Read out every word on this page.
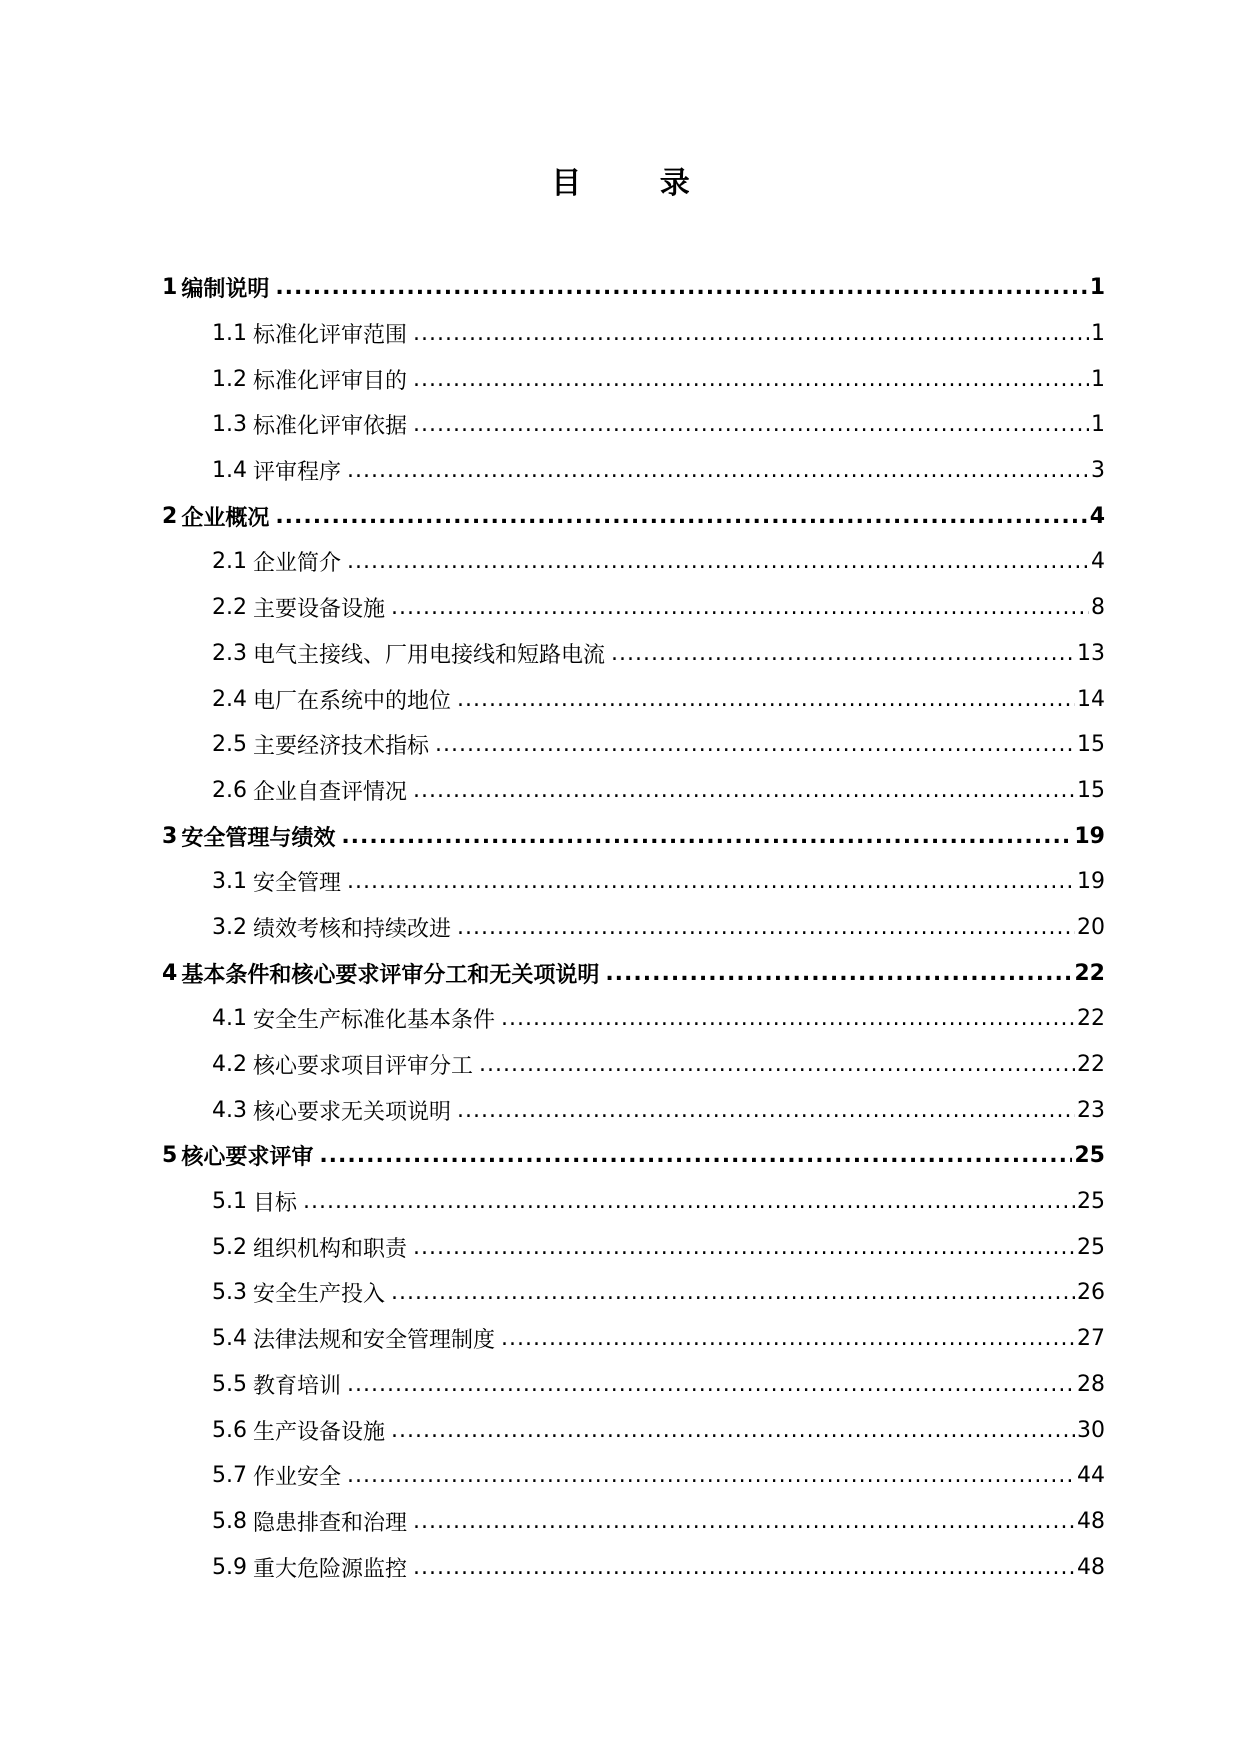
目 录
1 编制说明 .....	1
1.1 标准化评审范围 .....	1
1.2 标准化评审目的 .....	1
1.3 标准化评审依据 .....	1
1.4 评审程序 .....	3
2 企业概况 .....	4
2.1 企业简介 .....	4
2.2 主要设备设施 .....	8
2.3 电气主接线、厂用电接线和短路电流 .....	13
2.4 电厂在系统中的地位 .....	14
2.5 主要经济技术指标 .....	15
2.6 企业自查评情况 .....	15
3 安全管理与绩效 .....	19
3.1 安全管理 .....	19
3.2 绩效考核和持续改进 .....	20
4 基本条件和核心要求评审分工和无关项说明 .....	22
4.1 安全生产标准化基本条件 .....	22
4.2 核心要求项目评审分工 .....	22
4.3 核心要求无关项说明 .....	23
5 核心要求评审 .....	25
5.1 目标 .....	25
5.2 组织机构和职责 .....	25
5.3 安全生产投入 .....	26
5.4 法律法规和安全管理制度 .....	27
5.5 教育培训 .....	28
5.6 生产设备设施 .....	30
5.7 作业安全 .....	44
5.8 隐患排查和治理 .....	48
5.9 重大危险源监控 .....	48
